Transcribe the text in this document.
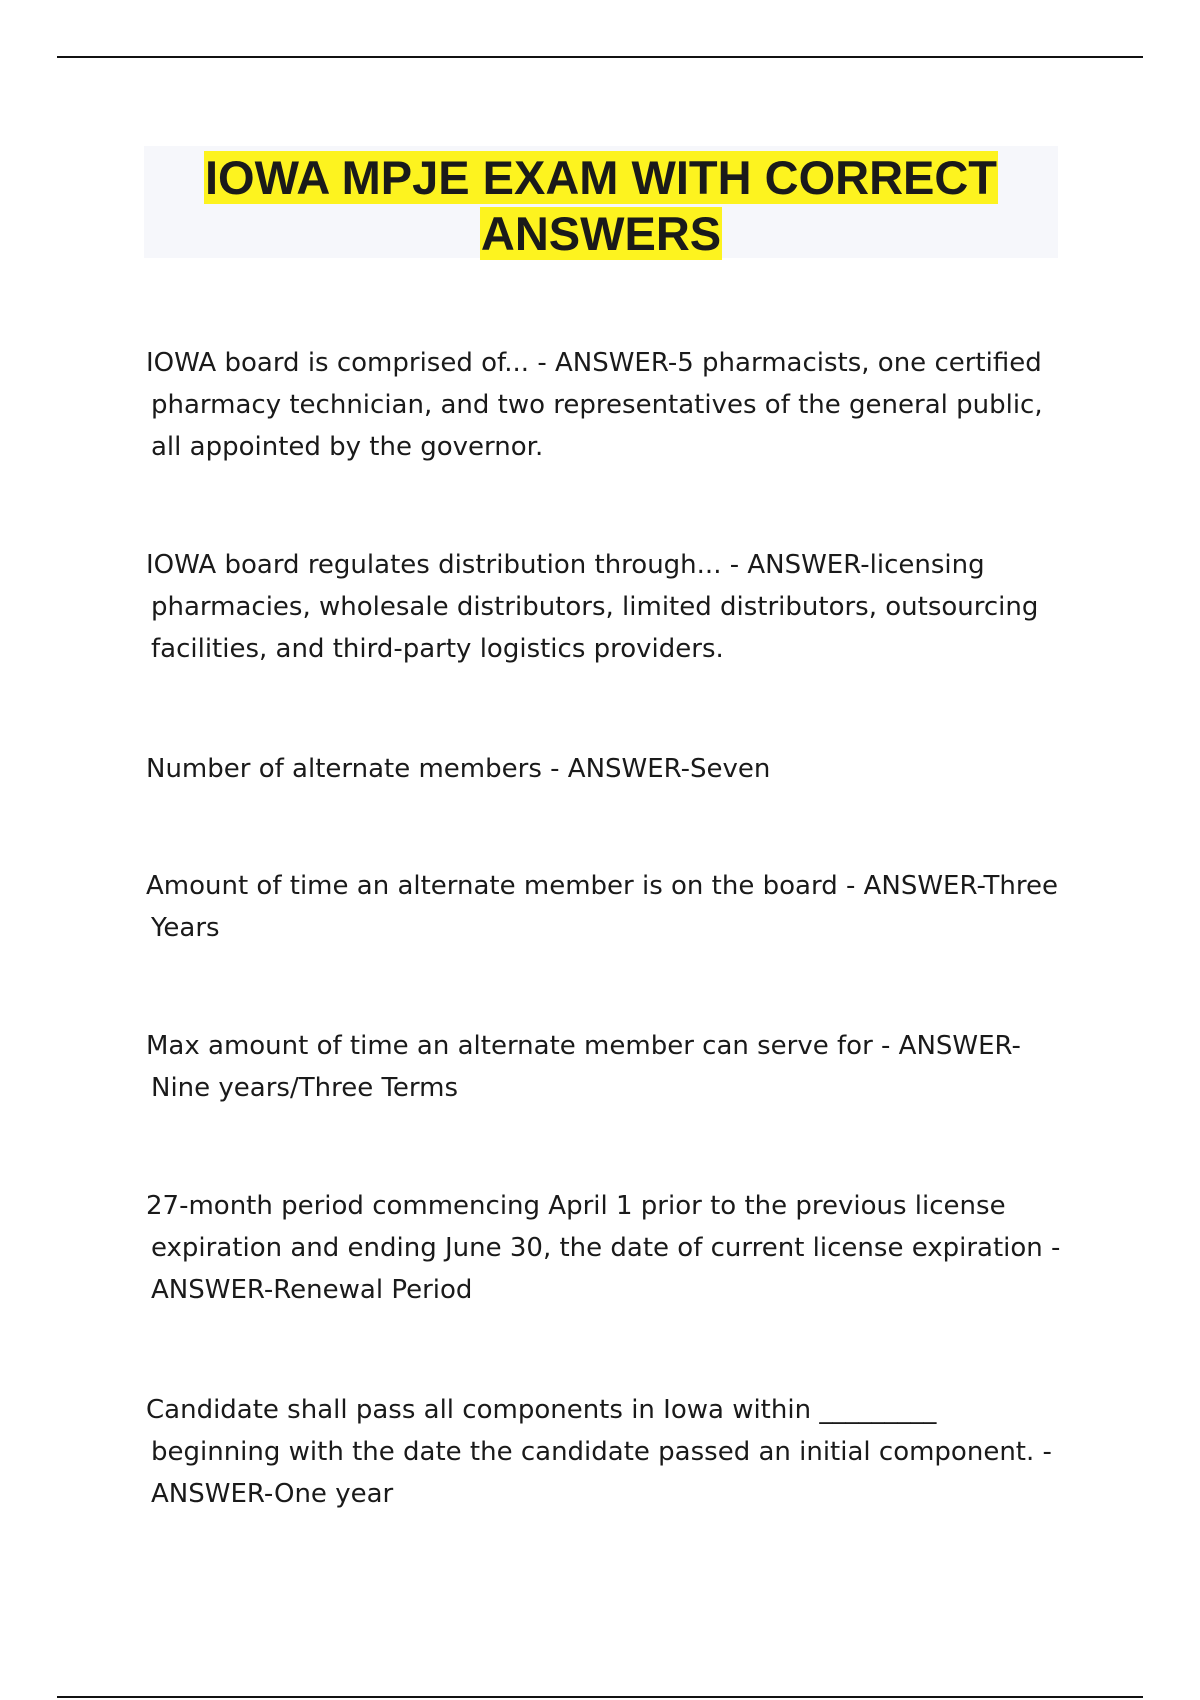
IOWA MPJE EXAM WITH CORRECT ANSWERS

IOWA board is comprised of... - ANSWER-5 pharmacists, one certified pharmacy technician, and two representatives of the general public, all appointed by the governor.

IOWA board regulates distribution through... - ANSWER-licensing pharmacies, wholesale distributors, limited distributors, outsourcing facilities, and third-party logistics providers.

Number of alternate members - ANSWER-Seven

Amount of time an alternate member is on the board - ANSWER-Three Years

Max amount of time an alternate member can serve for - ANSWER-Nine years/Three Terms

27-month period commencing April 1 prior to the previous license expiration and ending June 30, the date of current license expiration - ANSWER-Renewal Period

Candidate shall pass all components in Iowa within _________ beginning with the date the candidate passed an initial component. - ANSWER-One year
